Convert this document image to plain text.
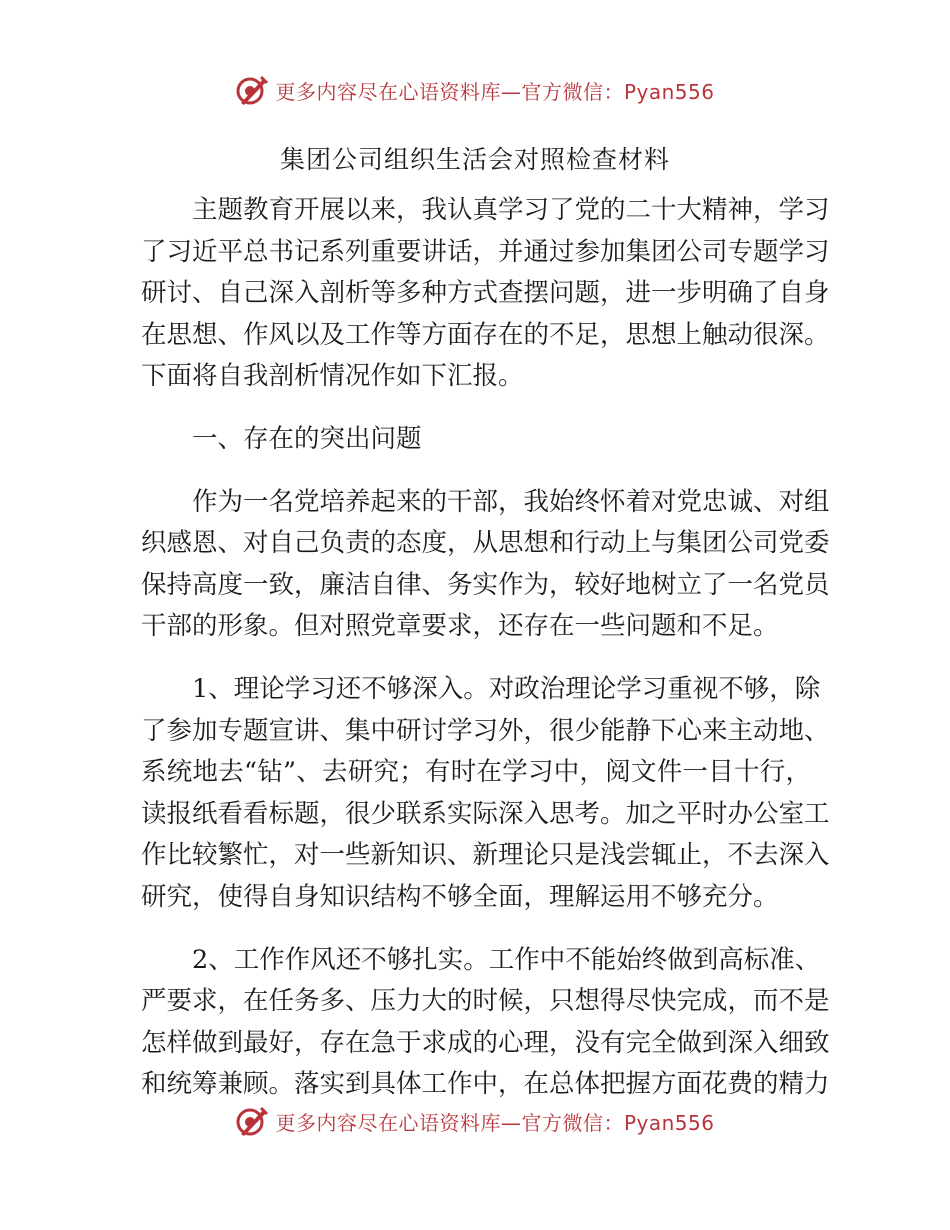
更多内容尽在心语资料库—官方微信：Pyan556
集团公司组织生活会对照检查材料

主题教育开展以来，我认真学习了党的二十大精神，学习
了习近平总书记系列重要讲话，并通过参加集团公司专题学习
研讨、自己深入剖析等多种方式查摆问题，进一步明确了自身
在思想、作风以及工作等方面存在的不足，思想上触动很深。
下面将自我剖析情况作如下汇报。

一、存在的突出问题

作为一名党培养起来的干部，我始终怀着对党忠诚、对组
织感恩、对自己负责的态度，从思想和行动上与集团公司党委
保持高度一致，廉洁自律、务实作为，较好地树立了一名党员
干部的形象。但对照党章要求，还存在一些问题和不足。

1、理论学习还不够深入。对政治理论学习重视不够，除
了参加专题宣讲、集中研讨学习外，很少能静下心来主动地、
系统地去“钻”、去研究；有时在学习中，阅文件一目十行，
读报纸看看标题，很少联系实际深入思考。加之平时办公室工
作比较繁忙，对一些新知识、新理论只是浅尝辄止，不去深入
研究，使得自身知识结构不够全面，理解运用不够充分。

2、工作作风还不够扎实。工作中不能始终做到高标准、
严要求，在任务多、压力大的时候，只想得尽快完成，而不是
怎样做到最好，存在急于求成的心理，没有完全做到深入细致
和统筹兼顾。落实到具体工作中，在总体把握方面花费的精力

更多内容尽在心语资料库—官方微信：Pyan556
